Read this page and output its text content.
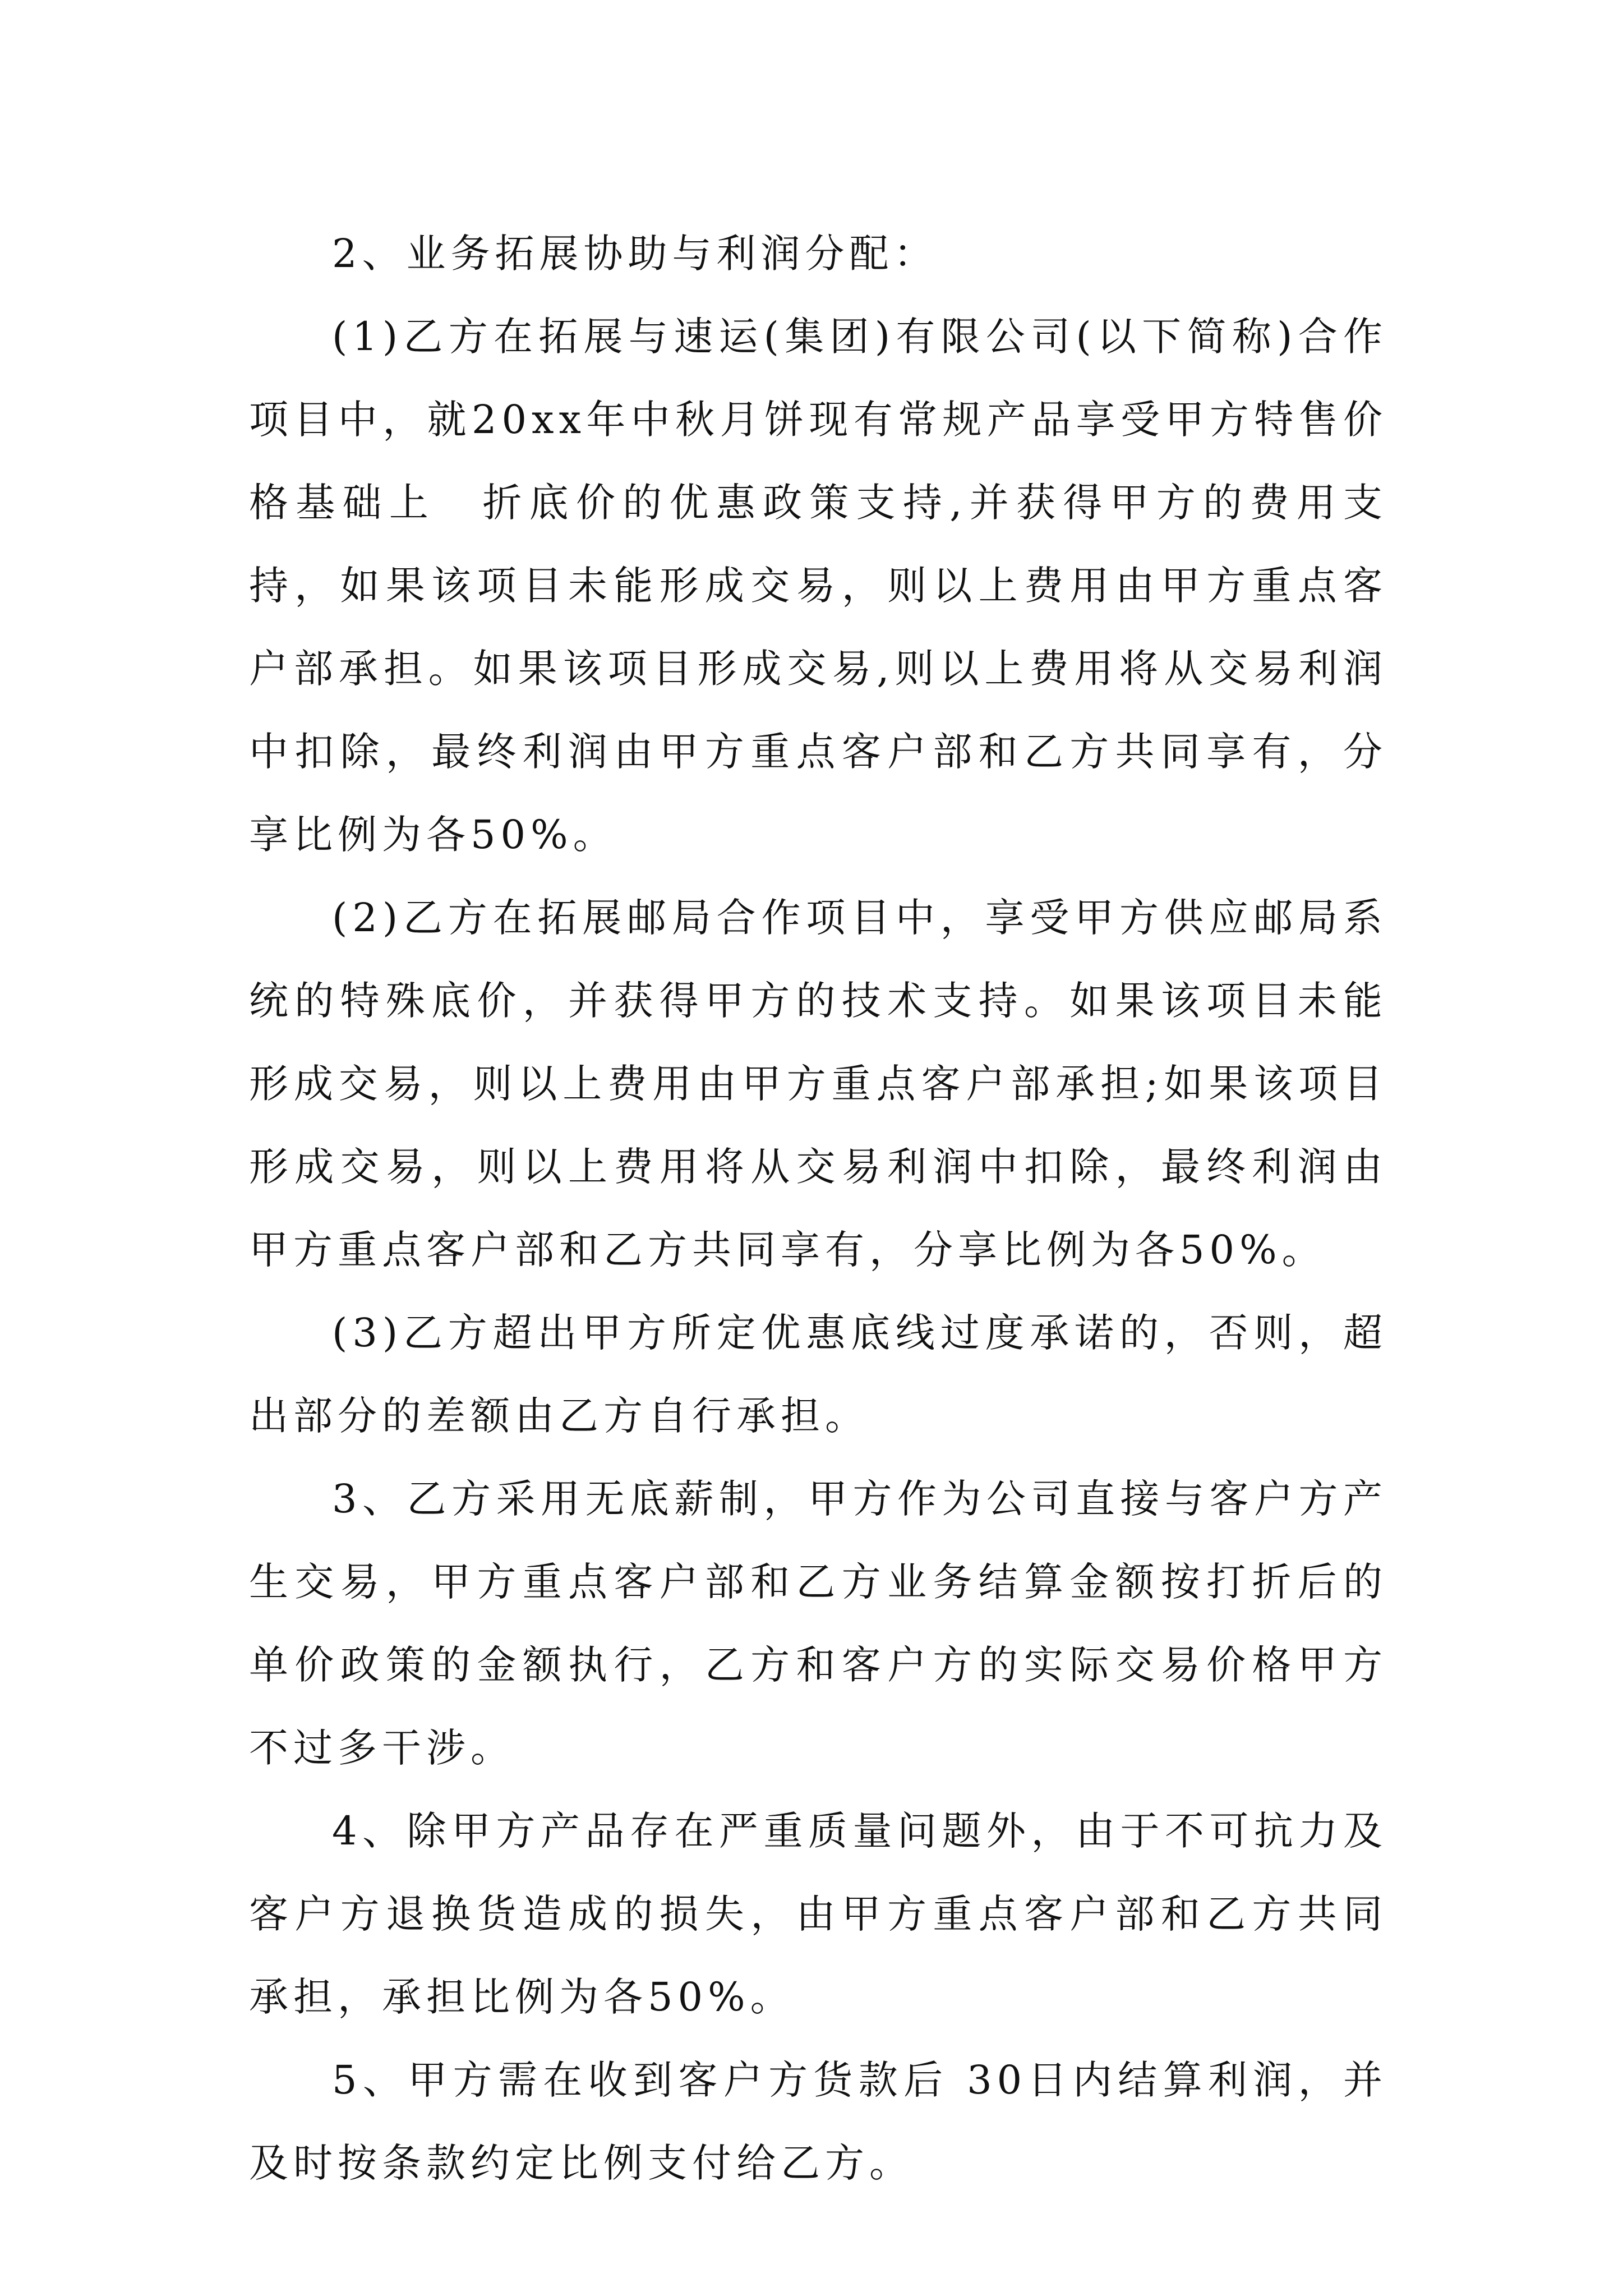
2、业务拓展协助与利润分配：

(1)乙方在拓展与速运(集团)有限公司(以下简称)合作项目中，就20xx年中秋月饼现有常规产品享受甲方特售价格基础上　折底价的优惠政策支持,并获得甲方的费用支持，如果该项目未能形成交易，则以上费用由甲方重点客户部承担。如果该项目形成交易,则以上费用将从交易利润中扣除，最终利润由甲方重点客户部和乙方共同享有，分享比例为各50%。

(2)乙方在拓展邮局合作项目中，享受甲方供应邮局系统的特殊底价，并获得甲方的技术支持。如果该项目未能形成交易，则以上费用由甲方重点客户部承担;如果该项目形成交易，则以上费用将从交易利润中扣除，最终利润由甲方重点客户部和乙方共同享有，分享比例为各50%。

(3)乙方超出甲方所定优惠底线过度承诺的，否则，超出部分的差额由乙方自行承担。

3、乙方采用无底薪制，甲方作为公司直接与客户方产生交易，甲方重点客户部和乙方业务结算金额按打折后的单价政策的金额执行，乙方和客户方的实际交易价格甲方不过多干涉。

4、除甲方产品存在严重质量问题外，由于不可抗力及客户方退换货造成的损失，由甲方重点客户部和乙方共同承担，承担比例为各50%。

5、甲方需在收到客户方货款后 30日内结算利润，并及时按条款约定比例支付给乙方。
